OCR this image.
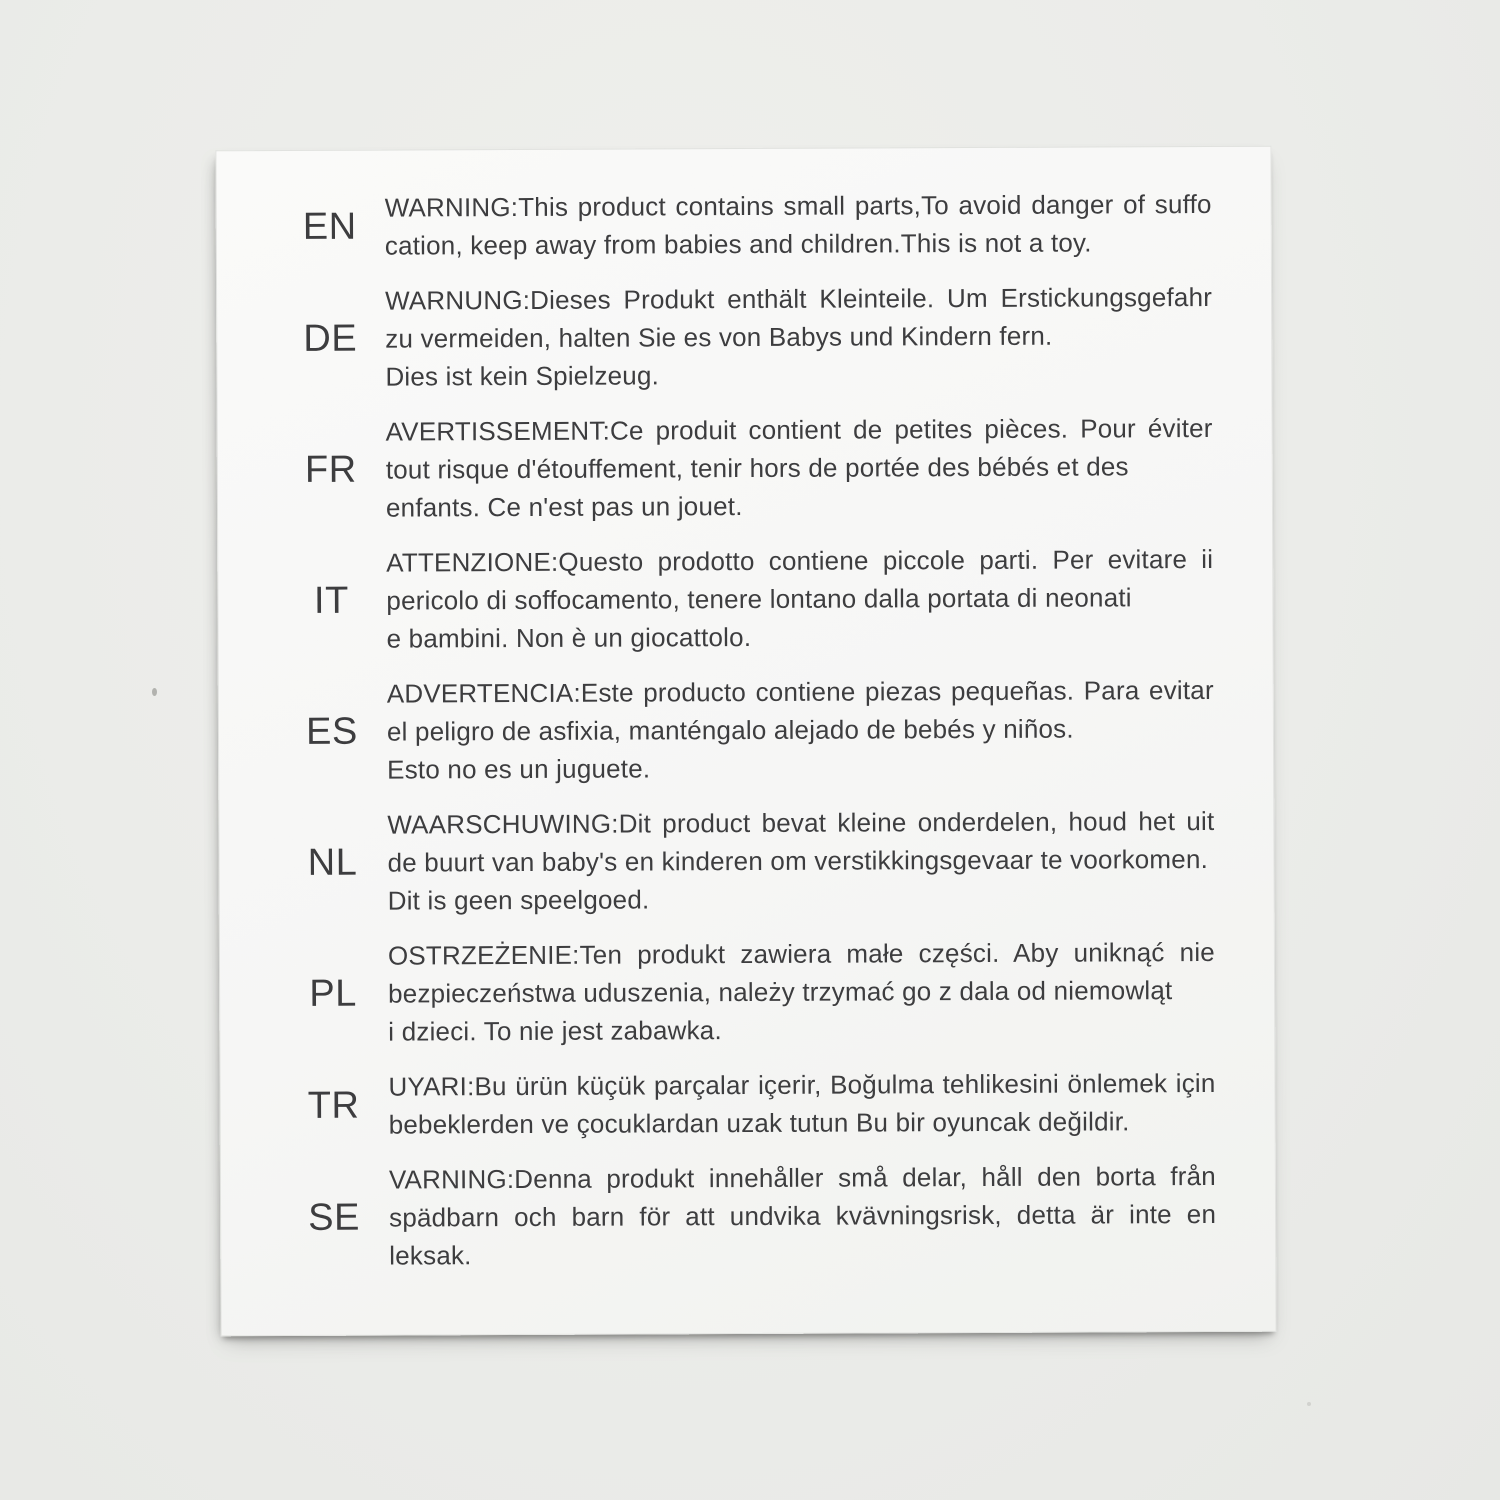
EN	WARNING:This product contains small parts,To avoid danger of suffo
cation, keep away from babies and children.This is not a toy.
DE
WARNUNG:Dieses Produkt enthält Kleinteile. Um Erstickungsgefahr
zu vermeiden, halten Sie es von Babys und Kindern fern.
Dies ist kein Spielzeug.
FR
AVERTISSEMENT:Ce produit contient de petites pièces. Pour éviter
tout risque d'étouffement, tenir hors de portée des bébés et des
enfants. Ce n'est pas un jouet.
IT
ATTENZIONE:Questo prodotto contiene piccole parti. Per evitare ii
pericolo di soffocamento, tenere lontano dalla portata di neonati
e bambini. Non è un giocattolo.
ES
ADVERTENCIA:Este producto contiene piezas pequeñas. Para evitar
el peligro de asfixia, manténgalo alejado de bebés y niños.
Esto no es un juguete.
NL
WAARSCHUWING:Dit product bevat kleine onderdelen, houd het uit
de buurt van baby's en kinderen om verstikkingsgevaar te voorkomen.
Dit is geen speelgoed.
PL
OSTRZEŻENIE:Ten produkt zawiera małe części. Aby uniknąć nie
bezpieczeństwa uduszenia, należy trzymać go z dala od niemowląt
i dzieci. To nie jest zabawka.
TR	UYARI:Bu ürün küçük parçalar içerir, Boğulma tehlikesini önlemek için
bebeklerden ve çocuklardan uzak tutun Bu bir oyuncak değildir.
SE
VARNING:Denna produkt innehåller små delar, håll den borta från
spädbarn och barn för att undvika kvävningsrisk, detta är inte en
leksak.
